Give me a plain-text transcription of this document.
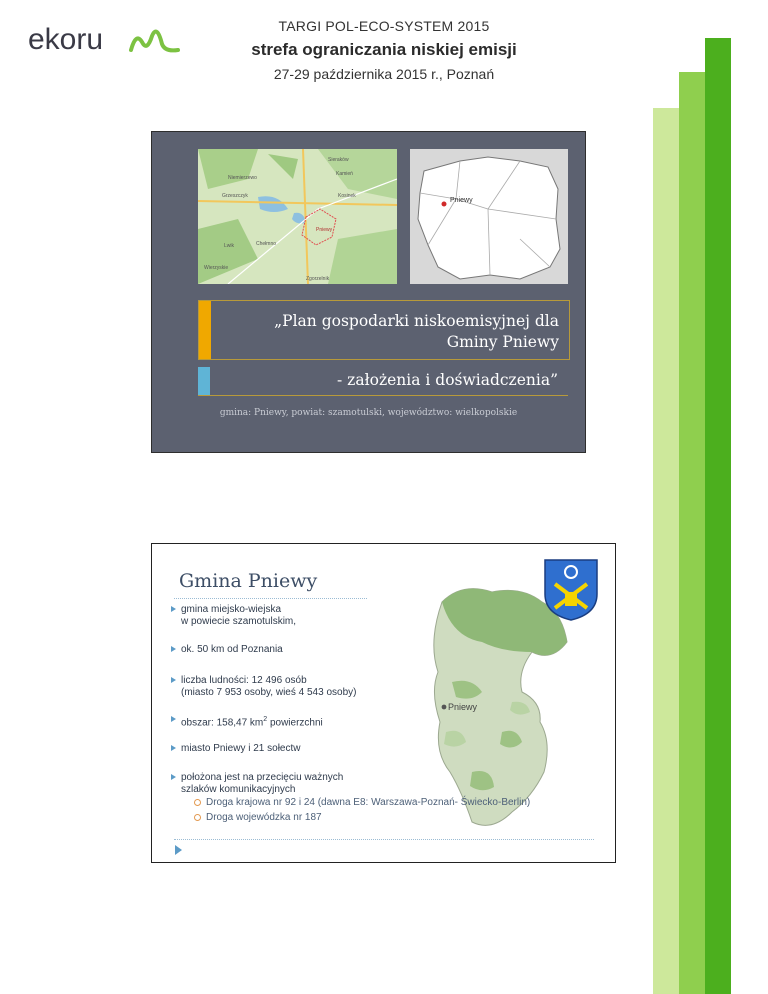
ekoru	TARGI POL-ECO-SYSTEM 2015
strefa ograniczania niskiej emisji
27-29 października 2015 r., Poznań
Sieraków
Kamień
Niemierzewo
Grzeszczyk	Kosinek
Pniewy
Chełmno
Lwik
Wierzyskie
Zgorzelnik
Pniewy
„Plan gospodarki niskoemisyjnej dla
Gminy Pniewy
- założenia i doświadczenia”
gmina: Pniewy, powiat: szamotulski, województwo: wielkopolskie
Gmina Pniewy
Pniewy
gmina miejsko-wiejska
w powiecie szamotulskim,
ok. 50 km od Poznania
liczba ludności: 12 496 osób
(miasto 7 953 osoby, wieś 4 543 osoby)
obszar: 158,47 $km^2$ powierzchni
miasto Pniewy i 21 sołectw
położona jest na przecięciu ważnych
szlaków komunikacyjnych
Droga krajowa nr 92 i 24 (dawna E8: Warszawa-Poznań- Świecko-Berlin)
Droga wojewódzka nr 187
